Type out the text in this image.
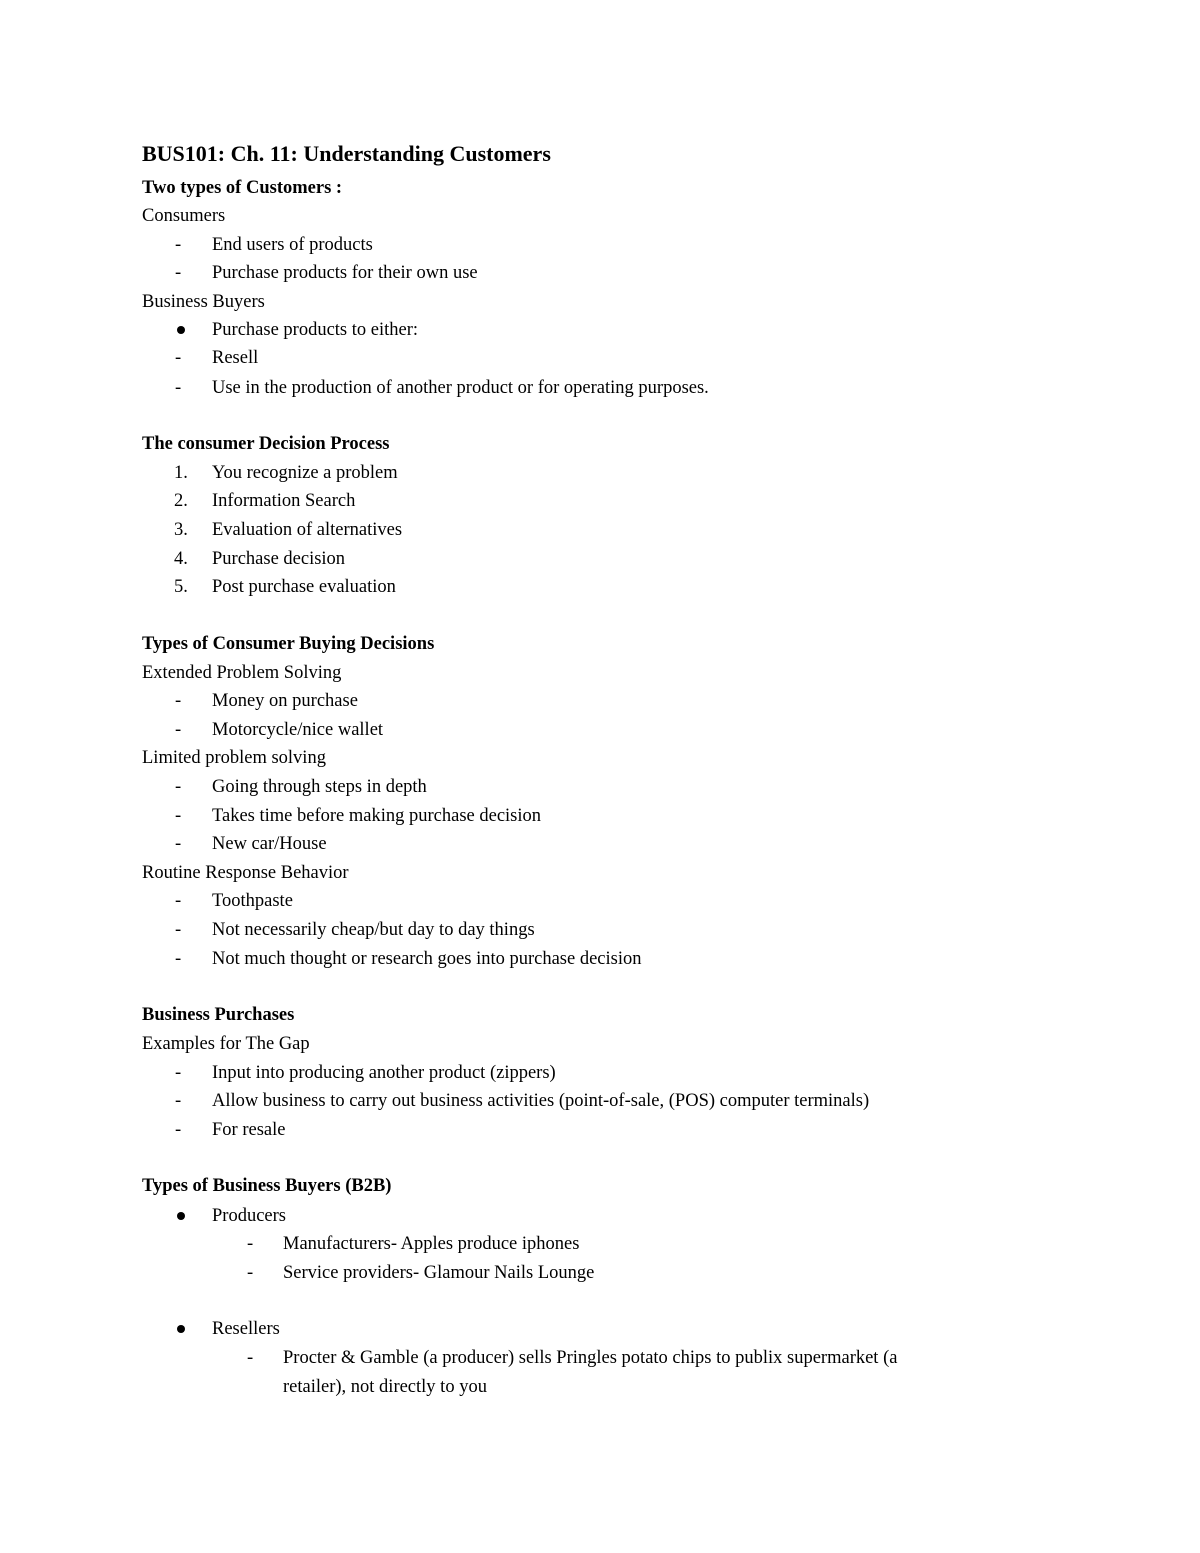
BUS101: Ch. 11: Understanding Customers
Two types of Customers :
Consumers
- End users of products
- Purchase products for their own use
Business Buyers
Purchase products to either:
- Resell
- Use in the production of another product or for operating purposes.
The consumer Decision Process
1. You recognize a problem
2. Information Search
3. Evaluation of alternatives
4. Purchase decision
5. Post purchase evaluation
Types of Consumer Buying Decisions
Extended Problem Solving
- Money on purchase
- Motorcycle/nice wallet
Limited problem solving
- Going through steps in depth
- Takes time before making purchase decision
- New car/House
Routine Response Behavior
- Toothpaste
- Not necessarily cheap/but day to day things
- Not much thought or research goes into purchase decision
Business Purchases
Examples for The Gap
- Input into producing another product (zippers)
- Allow business to carry out business activities (point-of-sale, (POS) computer terminals)
- For resale
Types of Business Buyers (B2B)
Producers
- Manufacturers- Apples produce iphones
- Service providers- Glamour Nails Lounge
Resellers
- Procter & Gamble (a producer) sells Pringles potato chips to publix supermarket (a
retailer), not directly to you
